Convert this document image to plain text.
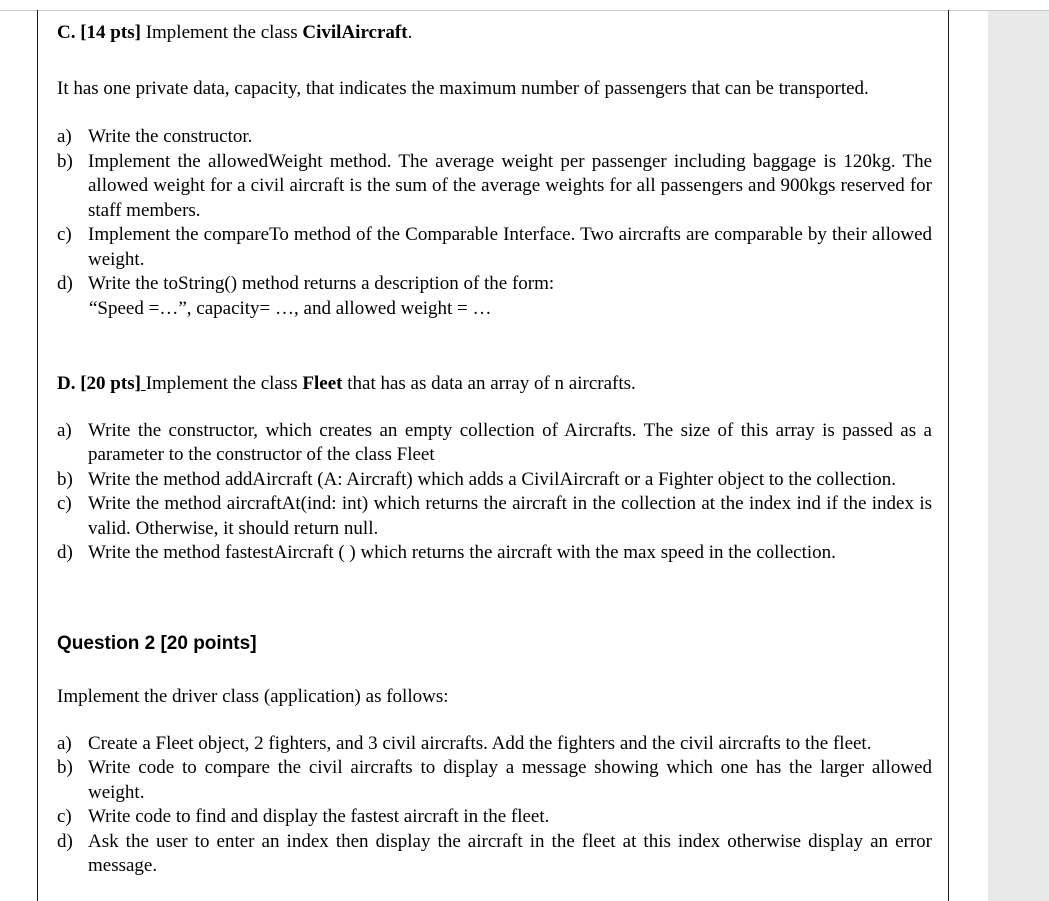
C. [14 pts] Implement the class CivilAircraft.

It has one private data, capacity, that indicates the maximum number of passengers that can be transported.

a) Write the constructor.
b) Implement the allowedWeight method. The average weight per passenger including baggage is 120kg. The allowed weight for a civil aircraft is the sum of the average weights for all passengers and 900kgs reserved for staff members.
c) Implement the compareTo method of the Comparable Interface. Two aircrafts are comparable by their allowed weight.
d) Write the toString() method returns a description of the form:

“Speed =…”, capacity= …, and allowed weight = …

D. [20 pts] Implement the class Fleet that has as data an array of n aircrafts.

a) Write the constructor, which creates an empty collection of Aircrafts. The size of this array is passed as a parameter to the constructor of the class Fleet
b) Write the method addAircraft (A: Aircraft) which adds a CivilAircraft or a Fighter object to the collection.
c) Write the method aircraftAt(ind: int) which returns the aircraft in the collection at the index ind if the index is valid. Otherwise, it should return null.
d) Write the method fastestAircraft ( ) which returns the aircraft with the max speed in the collection.

Question 2 [20 points]

Implement the driver class (application) as follows:

a) Create a Fleet object, 2 fighters, and 3 civil aircrafts. Add the fighters and the civil aircrafts to the fleet.
b) Write code to compare the civil aircrafts to display a message showing which one has the larger allowed weight.
c) Write code to find and display the fastest aircraft in the fleet.
d) Ask the user to enter an index then display the aircraft in the fleet at this index otherwise display an error message.
